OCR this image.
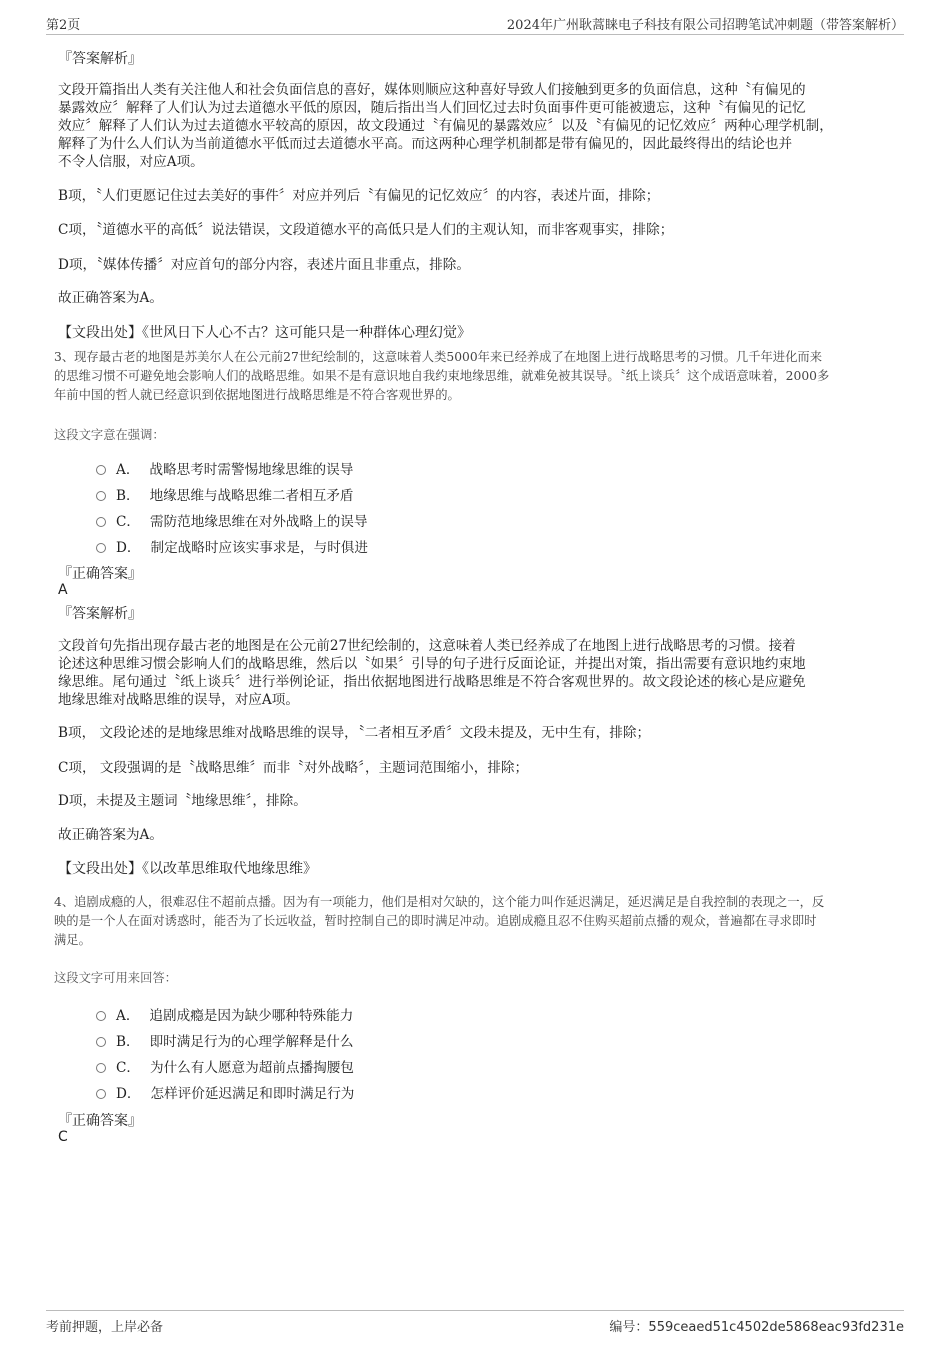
第2页	2024年广州耿蒿睐电子科技有限公司招聘笔试冲刺题（带答案解析）
『答案解析』
文段开篇指出人类有关注他人和社会负面信息的喜好，媒体则顺应这种喜好导致人们接触到更多的负面信息，这种〝有偏见的
暴露效应〞解释了人们认为过去道德水平低的原因，随后指出当人们回忆过去时负面事件更可能被遗忘，这种〝有偏见的记忆
效应〞解释了人们认为过去道德水平较高的原因，故文段通过〝有偏见的暴露效应〞以及〝有偏见的记忆效应〞两种心理学机制，
解释了为什么人们认为当前道德水平低而过去道德水平高。而这两种心理学机制都是带有偏见的，因此最终得出的结论也并
不令人信服，对应A项。
B项，〝人们更愿记住过去美好的事件〞对应并列后〝有偏见的记忆效应〞的内容，表述片面，排除；
C项，〝道德水平的高低〞说法错误，文段道德水平的高低只是人们的主观认知，而非客观事实，排除；
D项，〝媒体传播〞对应首句的部分内容，表述片面且非重点，排除。
故正确答案为A。
【文段出处】《世风日下人心不古？这可能只是一种群体心理幻觉》
3、现存最古老的地图是苏美尔人在公元前27世纪绘制的，这意味着人类5000年来已经养成了在地图上进行战略思考的习惯。几千年进化而来
的思维习惯不可避免地会影响人们的战略思维。如果不是有意识地自我约束地缘思维，就难免被其误导。〝纸上谈兵〞这个成语意味着，2000多
年前中国的哲人就已经意识到依据地图进行战略思维是不符合客观世界的。
这段文字意在强调：
A． 战略思考时需警惕地缘思维的误导
B． 地缘思维与战略思维二者相互矛盾
C． 需防范地缘思维在对外战略上的误导
D． 制定战略时应该实事求是，与时俱进
『正确答案』
A
『答案解析』
文段首句先指出现存最古老的地图是在公元前27世纪绘制的，这意味着人类已经养成了在地图上进行战略思考的习惯。接着
论述这种思维习惯会影响人们的战略思维，然后以〝如果〞引导的句子进行反面论证，并提出对策，指出需要有意识地约束地
缘思维。尾句通过〝纸上谈兵〞进行举例论证，指出依据地图进行战略思维是不符合客观世界的。故文段论述的核心是应避免
地缘思维对战略思维的误导，对应A项。
B项， 文段论述的是地缘思维对战略思维的误导，〝二者相互矛盾〞文段未提及，无中生有，排除；
C项， 文段强调的是〝战略思维〞而非〝对外战略〞，主题词范围缩小，排除；
D项，未提及主题词〝地缘思维〞，排除。
故正确答案为A。
【文段出处】《以改革思维取代地缘思维》
4、追剧成瘾的人，很难忍住不超前点播。因为有一项能力，他们是相对欠缺的，这个能力叫作延迟满足，延迟满足是自我控制的表现之一，反
映的是一个人在面对诱惑时，能否为了长远收益，暂时控制自己的即时满足冲动。追剧成瘾且忍不住购买超前点播的观众，普遍都在寻求即时
满足。
这段文字可用来回答：
A． 追剧成瘾是因为缺少哪种特殊能力
B． 即时满足行为的心理学解释是什么
C． 为什么有人愿意为超前点播掏腰包
D． 怎样评价延迟满足和即时满足行为
『正确答案』
C
考前押题，上岸必备	编号：559ceaed51c4502de5868eac93fd231e
